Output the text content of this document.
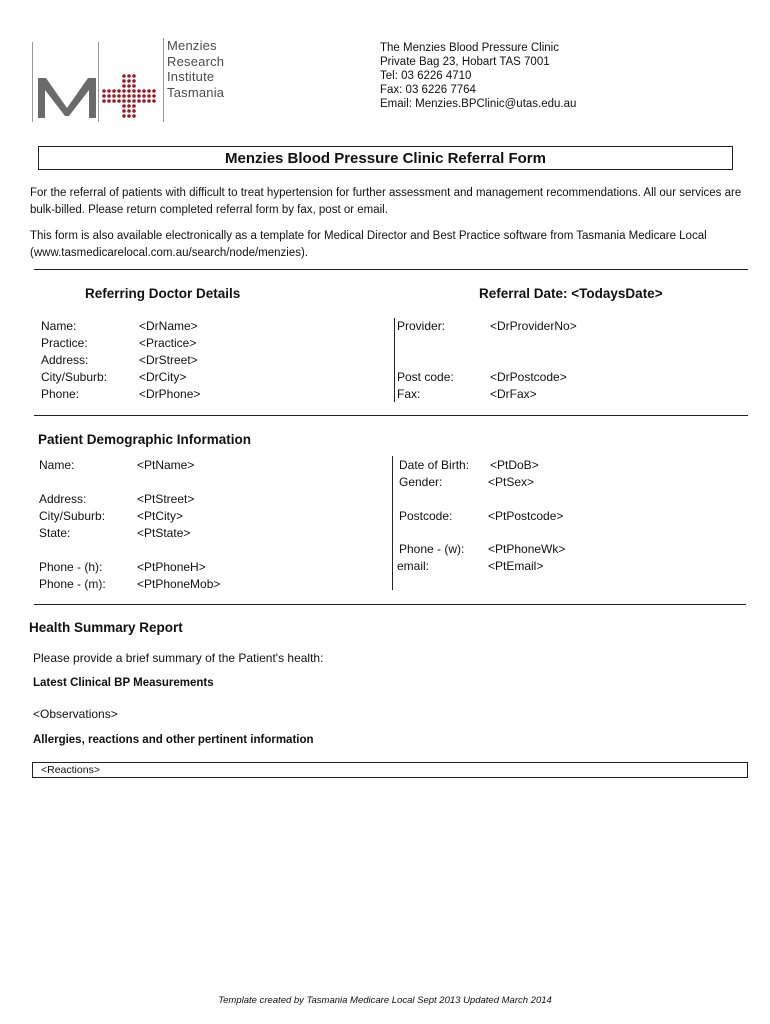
Menzies
Research
Institute
Tasmania
The Menzies Blood Pressure Clinic
Private Bag 23, Hobart TAS 7001
Tel: 03 6226 4710
Fax: 03 6226 7764
Email: Menzies.BPClinic@utas.edu.au
Menzies Blood Pressure Clinic Referral Form
For the referral of patients with difficult to treat hypertension for further assessment and management recommendations. All our services are bulk-billed. Please return completed referral form by fax, post or email.
This form is also available electronically as a template for Medical Director and Best Practice software from Tasmania Medicare Local (www.tasmedicarelocal.com.au/search/node/menzies).
Referring Doctor Details	Referral Date: <TodaysDate>
Name:	<DrName>
Practice:	<Practice>
Address:	<DrStreet>
City/Suburb:	<DrCity>
Phone:	<DrPhone>
Provider:	<DrProviderNo>
Post code:	<DrPostcode>
Fax:	<DrFax>
Patient Demographic Information
Name:	<PtName>
Address:	<PtStreet>
City/Suburb:	<PtCity>
State:	<PtState>
Phone - (h):	<PtPhoneH>
Phone - (m):	<PtPhoneMob>
Date of Birth:	<PtDoB>
Gender:	<PtSex>
Postcode:	<PtPostcode>
Phone - (w):	<PtPhoneWk>
email:	<PtEmail>
Health Summary Report
Please provide a brief summary of the Patient's health:
Latest Clinical BP Measurements
<Observations>
Allergies, reactions and other pertinent information
<Reactions>
Template created by Tasmania Medicare Local Sept 2013 Updated March 2014
